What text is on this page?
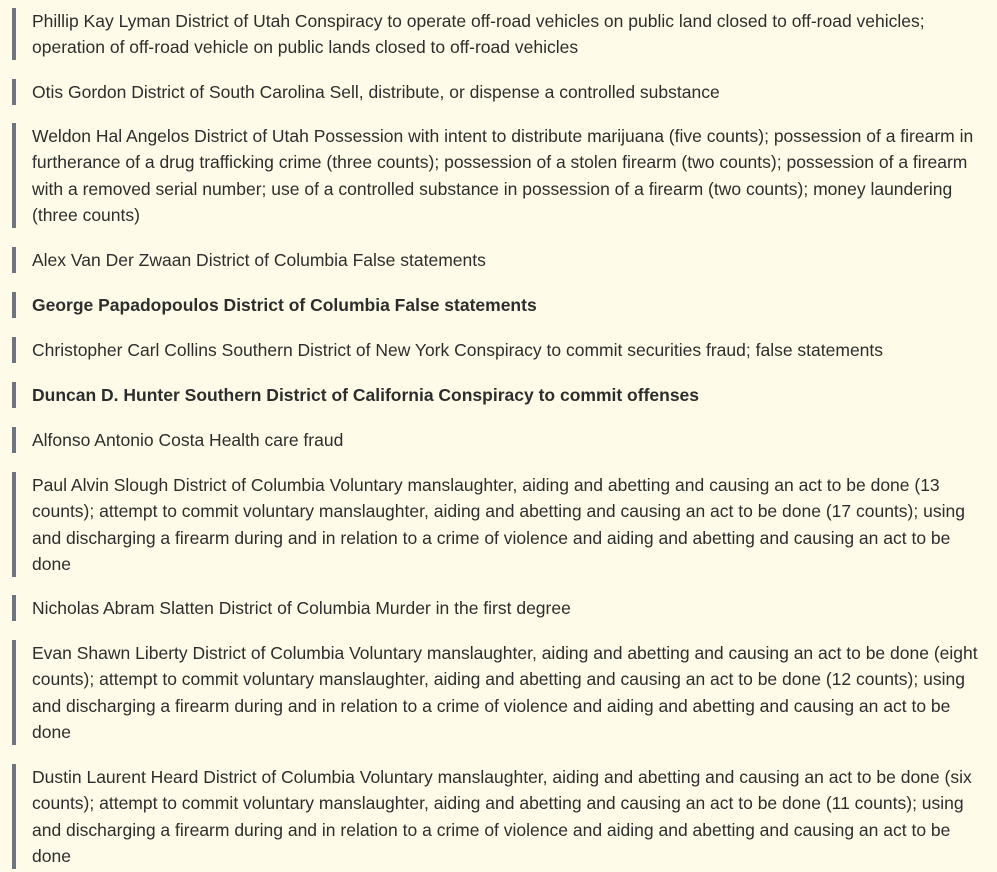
Phillip Kay Lyman District of Utah Conspiracy to operate off-road vehicles on public land closed to off-road vehicles; operation of off-road vehicle on public lands closed to off-road vehicles
Otis Gordon District of South Carolina Sell, distribute, or dispense a controlled substance
Weldon Hal Angelos District of Utah Possession with intent to distribute marijuana (five counts); possession of a firearm in furtherance of a drug trafficking crime (three counts); possession of a stolen firearm (two counts); possession of a firearm with a removed serial number; use of a controlled substance in possession of a firearm (two counts); money laundering (three counts)
Alex Van Der Zwaan District of Columbia False statements
George Papadopoulos District of Columbia False statements
Christopher Carl Collins Southern District of New York Conspiracy to commit securities fraud; false statements
Duncan D. Hunter Southern District of California Conspiracy to commit offenses
Alfonso Antonio Costa Health care fraud
Paul Alvin Slough District of Columbia Voluntary manslaughter, aiding and abetting and causing an act to be done (13 counts); attempt to commit voluntary manslaughter, aiding and abetting and causing an act to be done (17 counts); using and discharging a firearm during and in relation to a crime of violence and aiding and abetting and causing an act to be done
Nicholas Abram Slatten District of Columbia Murder in the first degree
Evan Shawn Liberty District of Columbia Voluntary manslaughter, aiding and abetting and causing an act to be done (eight counts); attempt to commit voluntary manslaughter, aiding and abetting and causing an act to be done (12 counts); using and discharging a firearm during and in relation to a crime of violence and aiding and abetting and causing an act to be done
Dustin Laurent Heard District of Columbia Voluntary manslaughter, aiding and abetting and causing an act to be done (six counts); attempt to commit voluntary manslaughter, aiding and abetting and causing an act to be done (11 counts); using and discharging a firearm during and in relation to a crime of violence and aiding and abetting and causing an act to be done
